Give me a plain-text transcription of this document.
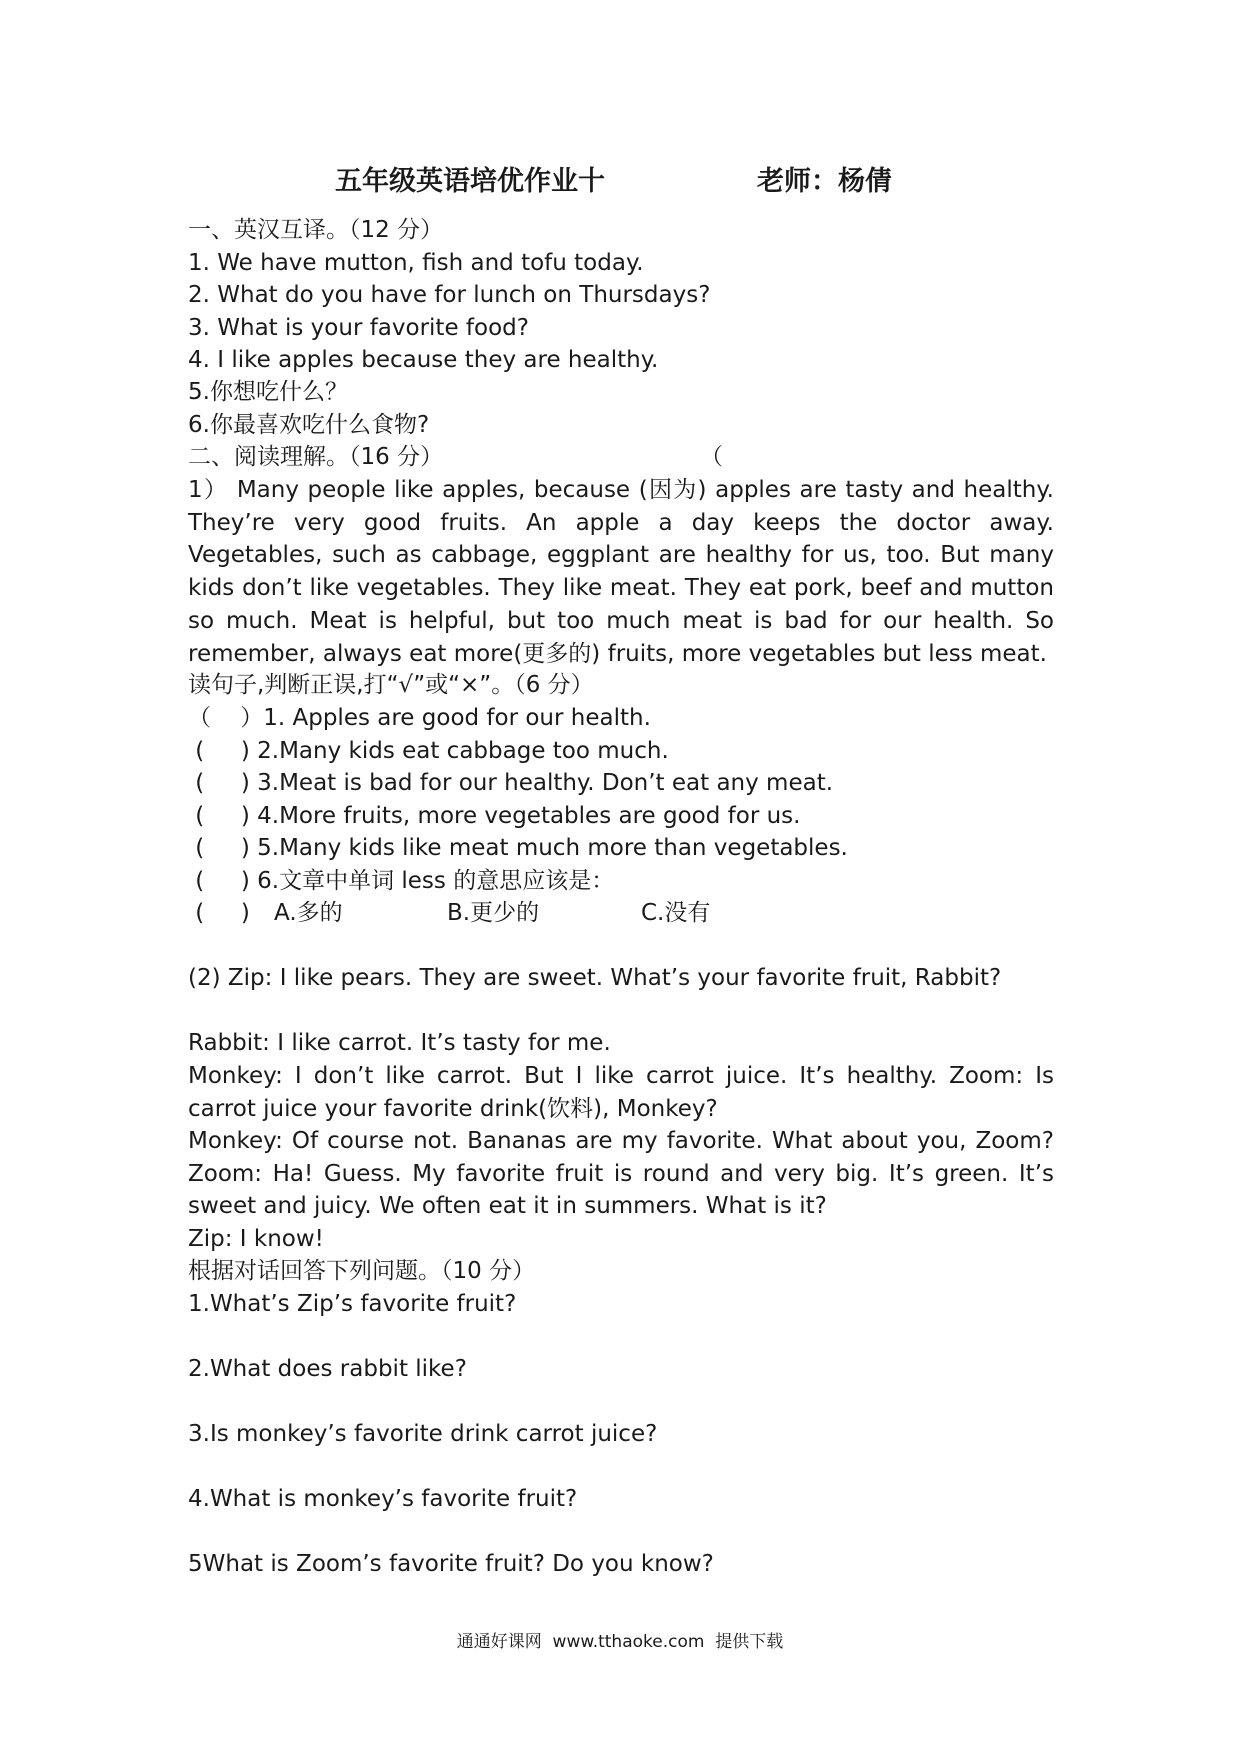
五年级英语培优作业十	老师：杨倩
一、英汉互译。（12 分）
1. We have mutton, fish and tofu today.
2. What do you have for lunch on Thursdays?
3. What is your favorite food?
4. I like apples because they are healthy.
5.你想吃什么？
6.你最喜欢吃什么食物?
二、阅读理解。（16 分）	（
1） Many people like apples, because (因为) apples are tasty and healthy. They’re very good fruits. An apple a day keeps the doctor away. Vegetables, such as cabbage, eggplant are healthy for us, too. But many kids don’t like vegetables. They like meat. They eat pork, beef and mutton so much. Meat is helpful, but too much meat is bad for our health. So remember, always eat more(更多的) fruits, more vegetables but less meat.
读句子,判断正误,打“√”或“×”。（6 分）
（    ）1. Apples are good for our health.
(     ) 2.Many kids eat cabbage too much.
(     ) 3.Meat is bad for our healthy. Don’t eat any meat.
(     ) 4.More fruits, more vegetables are good for us.
(     ) 5.Many kids like meat much more than vegetables.
(     ) 6.文章中单词 less 的意思应该是：
(     ) A.多的	B.更少的	C.没有
(2) Zip: I like pears. They are sweet. What’s your favorite fruit, Rabbit?
Rabbit: I like carrot. It’s tasty for me.
Monkey: I don’t like carrot. But I like carrot juice. It’s healthy. Zoom: Is carrot juice your favorite drink(饮料), Monkey?
Monkey: Of course not. Bananas are my favorite. What about you, Zoom? Zoom: Ha! Guess. My favorite fruit is round and very big. It’s green. It’s sweet and juicy. We often eat it in summers. What is it?
Zip: I know!
根据对话回答下列问题。（10 分）
1.What’s Zip’s favorite fruit?
2.What does rabbit like?
3.Is monkey’s favorite drink carrot juice?
4.What is monkey’s favorite fruit?
5What is Zoom’s favorite fruit? Do you know?
通通好课网  www.tthaoke.com  提供下载
